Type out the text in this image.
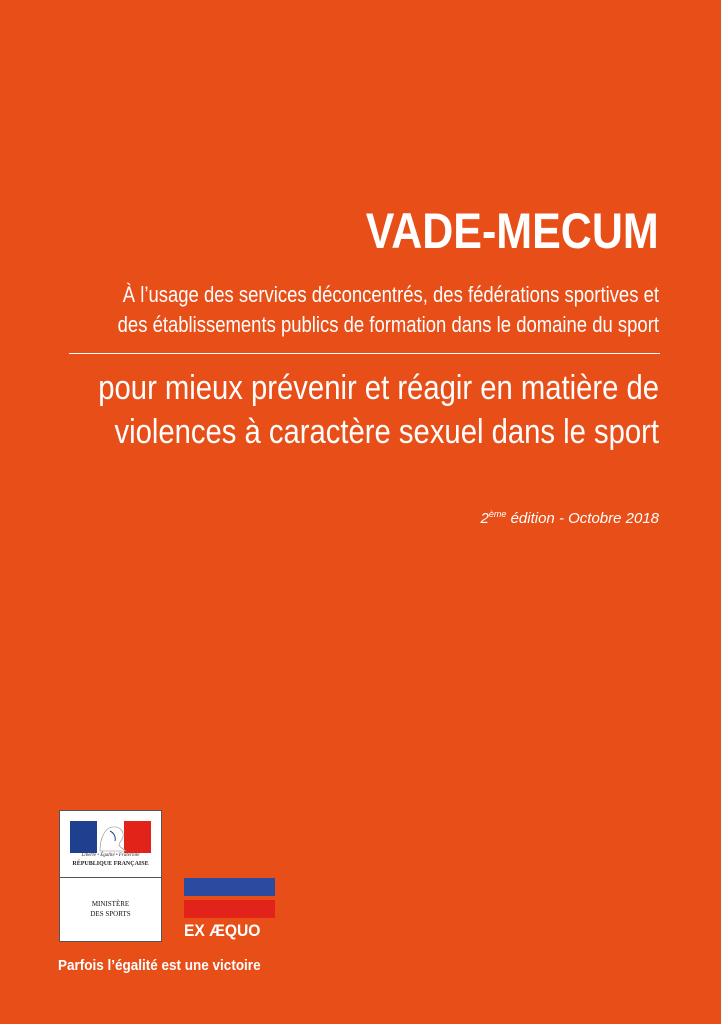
VADE-MECUM
À l’usage des services déconcentrés, des fédérations sportives et
des établissements publics de formation dans le domaine du sport
pour mieux prévenir et réagir en matière de
violences à caractère sexuel dans le sport
2ème édition - Octobre 2018
Liberté • Égalité • Fraternité
RÉPUBLIQUE FRANÇAISE
MINISTÈRE
DES SPORTS
EX ÆQUO
Parfois l’égalité est une victoire
